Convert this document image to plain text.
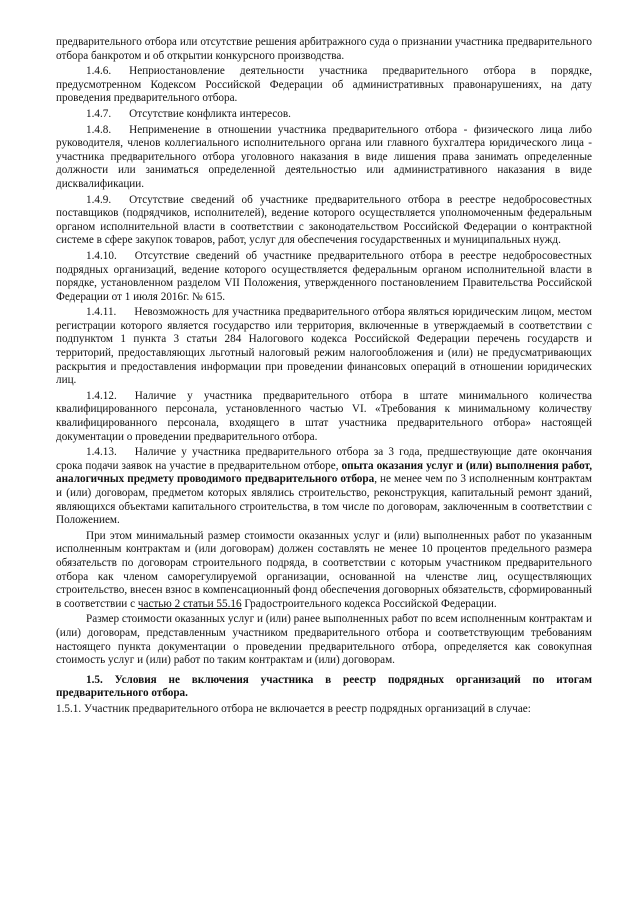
предварительного отбора или отсутствие решения арбитражного суда о признании участника предварительного отбора банкротом и об открытии конкурсного производства.

1.4.6. Неприостановление деятельности участника предварительного отбора в порядке, предусмотренном Кодексом Российской Федерации об административных правонарушениях, на дату проведения предварительного отбора.

1.4.7. Отсутствие конфликта интересов.

1.4.8. Неприменение в отношении участника предварительного отбора - физического лица либо руководителя, членов коллегиального исполнительного органа или главного бухгалтера юридического лица - участника предварительного отбора уголовного наказания в виде лишения права занимать определенные должности или заниматься определенной деятельностью или административного наказания в виде дисквалификации.

1.4.9. Отсутствие сведений об участнике предварительного отбора в реестре недобросовестных поставщиков (подрядчиков, исполнителей), ведение которого осуществляется уполномоченным федеральным органом исполнительной власти в соответствии с законодательством Российской Федерации о контрактной системе в сфере закупок товаров, работ, услуг для обеспечения государственных и муниципальных нужд.

1.4.10. Отсутствие сведений об участнике предварительного отбора в реестре недобросовестных подрядных организаций, ведение которого осуществляется федеральным органом исполнительной власти в порядке, установленном разделом VII Положения, утвержденного постановлением Правительства Российской Федерации от 1 июля 2016г. № 615.

1.4.11. Невозможность для участника предварительного отбора являться юридическим лицом, местом регистрации которого является государство или территория, включенные в утверждаемый в соответствии с подпунктом 1 пункта 3 статьи 284 Налогового кодекса Российской Федерации перечень государств и территорий, предоставляющих льготный налоговый режим налогообложения и (или) не предусматривающих раскрытия и предоставления информации при проведении финансовых операций в отношении юридических лиц.

1.4.12. Наличие у участника предварительного отбора в штате минимального количества квалифицированного персонала, установленного частью VI. «Требования к минимальному количеству квалифицированного персонала, входящего в штат участника предварительного отбора» настоящей документации о проведении предварительного отбора.

1.4.13. Наличие у участника предварительного отбора за 3 года, предшествующие дате окончания срока подачи заявок на участие в предварительном отборе, опыта оказания услуг и (или) выполнения работ, аналогичных предмету проводимого предварительного отбора, не менее чем по 3 исполненным контрактам и (или) договорам, предметом которых являлись строительство, реконструкция, капитальный ремонт зданий, являющихся объектами капитального строительства, в том числе по договорам, заключенным в соответствии с Положением.

При этом минимальный размер стоимости оказанных услуг и (или) выполненных работ по указанным исполненным контрактам и (или договорам) должен составлять не менее 10 процентов предельного размера обязательств по договорам строительного подряда, в соответствии с которым участником предварительного отбора как членом саморегулируемой организации, основанной на членстве лиц, осуществляющих строительство, внесен взнос в компенсационный фонд обеспечения договорных обязательств, сформированный в соответствии с частью 2 статьи 55.16 Градостроительного кодекса Российской Федерации.

Размер стоимости оказанных услуг и (или) ранее выполненных работ по всем исполненным контрактам и (или) договорам, представленным участником предварительного отбора и соответствующим требованиям настоящего пункта документации о проведении предварительного отбора, определяется как совокупная стоимость услуг и (или) работ по таким контрактам и (или) договорам.

1.5. Условия не включения участника в реестр подрядных организаций по итогам предварительного отбора.

1.5.1. Участник предварительного отбора не включается в реестр подрядных организаций в случае:
